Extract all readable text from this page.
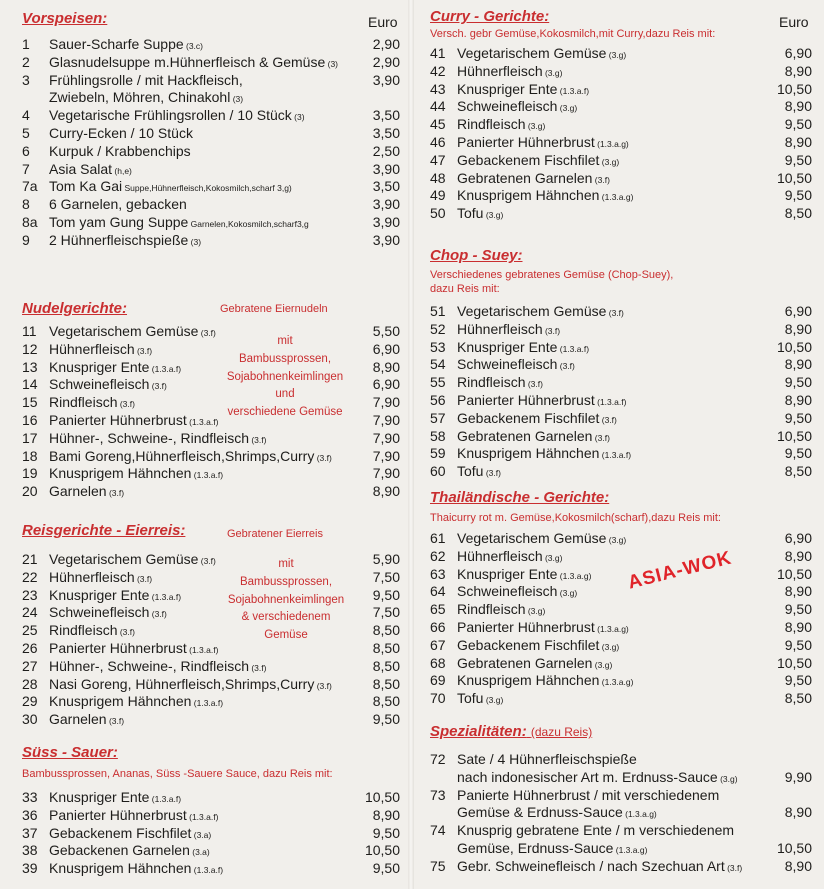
Euro
Vorspeisen:
1 Sauer-Scharfe Suppe (3.c)	2,90
2 Glasnudelsuppe m.Hühnerfleisch & Gemüse (3) 2,90
3 Frühlingsrolle / mit Hackfleisch,	3,90
Zwiebeln, Möhren, Chinakohl (3)
4 Vegetarische Frühlingsrollen / 10 Stück (3)	3,50
5 Curry-Ecken / 10 Stück	3,50
6 Kurpuk / Krabbenchips	2,50
7 Asia Salat (h,e)	3,90
7a Tom Ka Gai Suppe,Hühnerfleisch,Kokosmilch,scharf 3,g)	3,50
8 6 Garnelen, gebacken	3,90
8a Tom yam Gung Suppe Garnelen,Kokosmilch,scharf3,g	3,90
9 2 Hühnerfleischspieße (3)	3,90
Nudelgerichte:	Gebratene Eiernudeln
11 Vegetarischem Gemüse (3.f)	5,50
12 Hühnerfleisch (3.f)	6,90
13 Knuspriger Ente (1.3.a.f)	8,90
14 Schweinefleisch (3.f)	6,90
15 Rindfleisch (3.f)	7,90
16 Panierter Hühnerbrust (1.3.a.f)	7,90
17 Hühner-, Schweine-, Rindfleisch (3.f)	7,90
18 Bami Goreng,Hühnerfleisch,Shrimps,Curry (3.f)	7,90
19 Knusprigem Hähnchen (1.3.a.f)	7,90
20 Garnelen (3.f)	8,90
mit
Bambussprossen,
Sojabohnenkeimlingen
und
verschiedene Gemüse
Reisgerichte - Eierreis:	Gebratener Eierreis
21 Vegetarischem Gemüse (3.f)	5,90
22 Hühnerfleisch (3.f)	7,50
23 Knuspriger Ente (1.3.a.f)	9,50
24 Schweinefleisch (3.f)	7,50
25 Rindfleisch (3.f)	8,50
26 Panierter Hühnerbrust (1.3.a.f)	8,50
27 Hühner-, Schweine-, Rindfleisch (3.f)	8,50
28 Nasi Goreng, Hühnerfleisch,Shrimps,Curry (3.f)	8,50
29 Knusprigem Hähnchen (1.3.a.f)	8,50
30 Garnelen (3.f)	9,50
mit
Bambussprossen,
Sojabohnenkeimlingen
& verschiedenem
Gemüse
Süss - Sauer:
Bambussprossen, Ananas, Süss -Sauere Sauce, dazu Reis mit:
33 Knuspriger Ente (1.3.a.f)	10,50
36 Panierter Hühnerbrust (1.3.a.f)	8,90
37 Gebackenem Fischfilet (3.a)	9,50
38 Gebackenen Garnelen (3.a)	10,50
39 Knusprigem Hähnchen (1.3.a.f)	9,50
Euro
Curry - Gerichte:
Versch. gebr Gemüse,Kokosmilch,mit Curry,dazu Reis mit:
41 Vegetarischem Gemüse (3.g)	6,90
42 Hühnerfleisch (3.g)	8,90
43 Knuspriger Ente (1.3.a.f)	10,50
44 Schweinefleisch (3.g)	8,90
45 Rindfleisch (3.g)	9,50
46 Panierter Hühnerbrust (1.3.a.g)	8,90
47 Gebackenem Fischfilet (3.g)	9,50
48 Gebratenen Garnelen (3.f)	10,50
49 Knusprigem Hähnchen (1.3.a.g)	9,50
50 Tofu (3.g)	8,50
Chop - Suey:
Verschiedenes gebratenes Gemüse (Chop-Suey),
dazu Reis mit:
51 Vegetarischem Gemüse (3.f)	6,90
52 Hühnerfleisch (3.f)	8,90
53 Knuspriger Ente (1.3.a.f)	10,50
54 Schweinefleisch (3.f)	8,90
55 Rindfleisch (3.f)	9,50
56 Panierter Hühnerbrust (1.3.a.f)	8,90
57 Gebackenem Fischfilet (3.f)	9,50
58 Gebratenen Garnelen (3.f)	10,50
59 Knusprigem Hähnchen (1.3.a.f)	9,50
60 Tofu (3.f)	8,50
Thailändische - Gerichte:
Thaicurry rot m. Gemüse,Kokosmilch(scharf),dazu Reis mit:
61 Vegetarischem Gemüse (3.g)	6,90
62 Hühnerfleisch (3.g)	8,90
63 Knuspriger Ente (1.3.a.g)	10,50
64 Schweinefleisch (3.g)	8,90
65 Rindfleisch (3.g)	9,50
66 Panierter Hühnerbrust (1.3.a.g)	8,90
67 Gebackenem Fischfilet (3.g)	9,50
68 Gebratenen Garnelen (3.g)	10,50
69 Knusprigem Hähnchen (1.3.a.g)	9,50
70 Tofu (3.g)	8,50
Spezialitäten: (dazu Reis)
72 Sate / 4 Hühnerfleischspieße
nach indonesischer Art m. Erdnuss-Sauce (3.g)	9,90
73 Panierte Hühnerbrust / mit verschiedenem
Gemüse & Erdnuss-Sauce (1.3.a.g)	8,90
74 Knusprig gebratene Ente / m verschiedenem
Gemüse, Erdnuss-Sauce (1.3.a.g)	10,50
75 Gebr. Schweinefleisch / nach Szechuan Art (3.f)	8,90
ASIA-WOK
